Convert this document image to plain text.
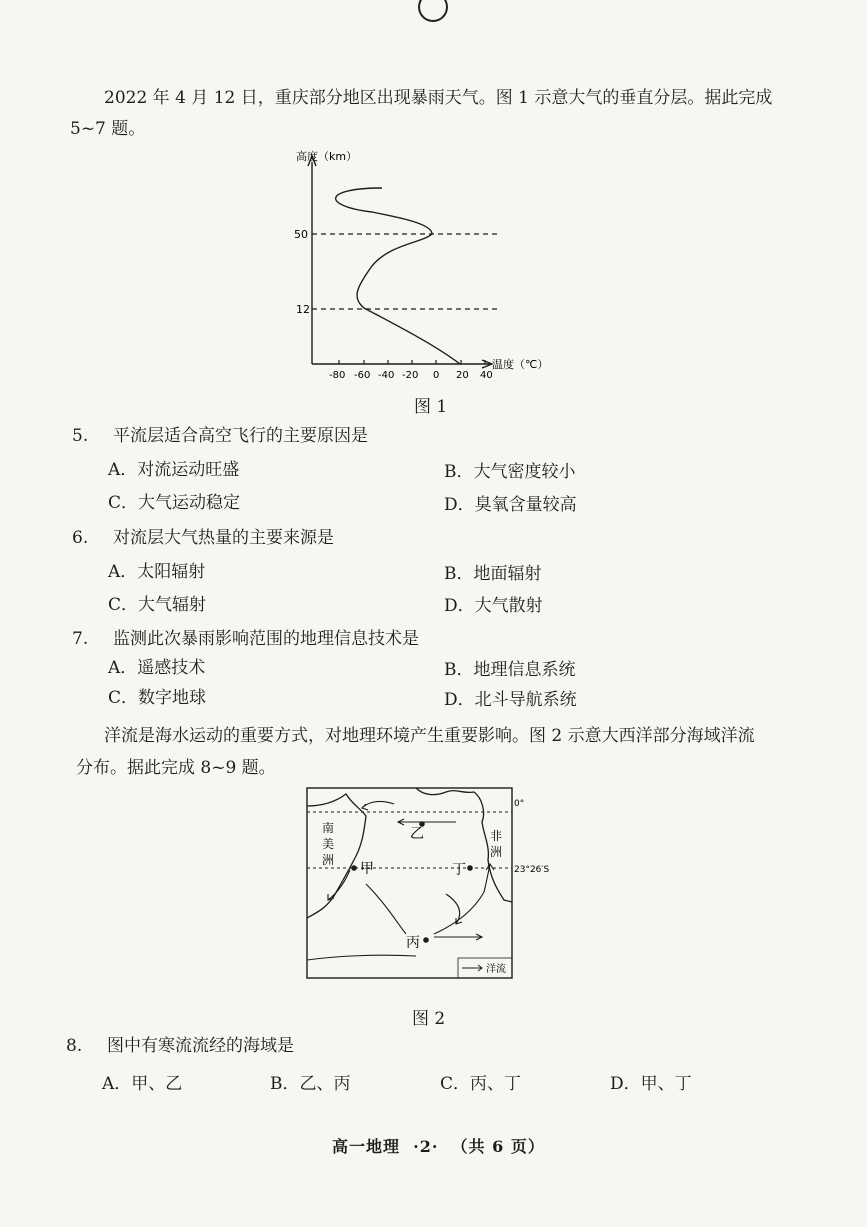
2022 年 4 月 12 日，重庆部分地区出现暴雨天气。图 1 示意大气的垂直分层。据此完成
5~7 题。
高度（km）
50
12
-80 -60 -40 -20 0 20 40
温度（℃）
图 1
5. 平流层适合高空飞行的主要原因是
A．对流运动旺盛	B．大气密度较小
C．大气运动稳定	D．臭氧含量较高
6. 对流层大气热量的主要来源是
A．太阳辐射	B．地面辐射
C．大气辐射	D．大气散射
7. 监测此次暴雨影响范围的地理信息技术是
A．遥感技术	B．地理信息系统
C．数字地球	D．北斗导航系统
洋流是海水运动的重要方式，对地理环境产生重要影响。图 2 示意大西洋部分海域洋流
分布。据此完成 8~9 题。
南
美
洲
非
洲
甲
乙
丙
丁
0°
23°26′S
洋流
图 2
8. 图中有寒流流经的海域是
A．甲、乙	B．乙、丙	C．丙、丁	D．甲、丁
高一地理  ·2·  （共 6 页）
